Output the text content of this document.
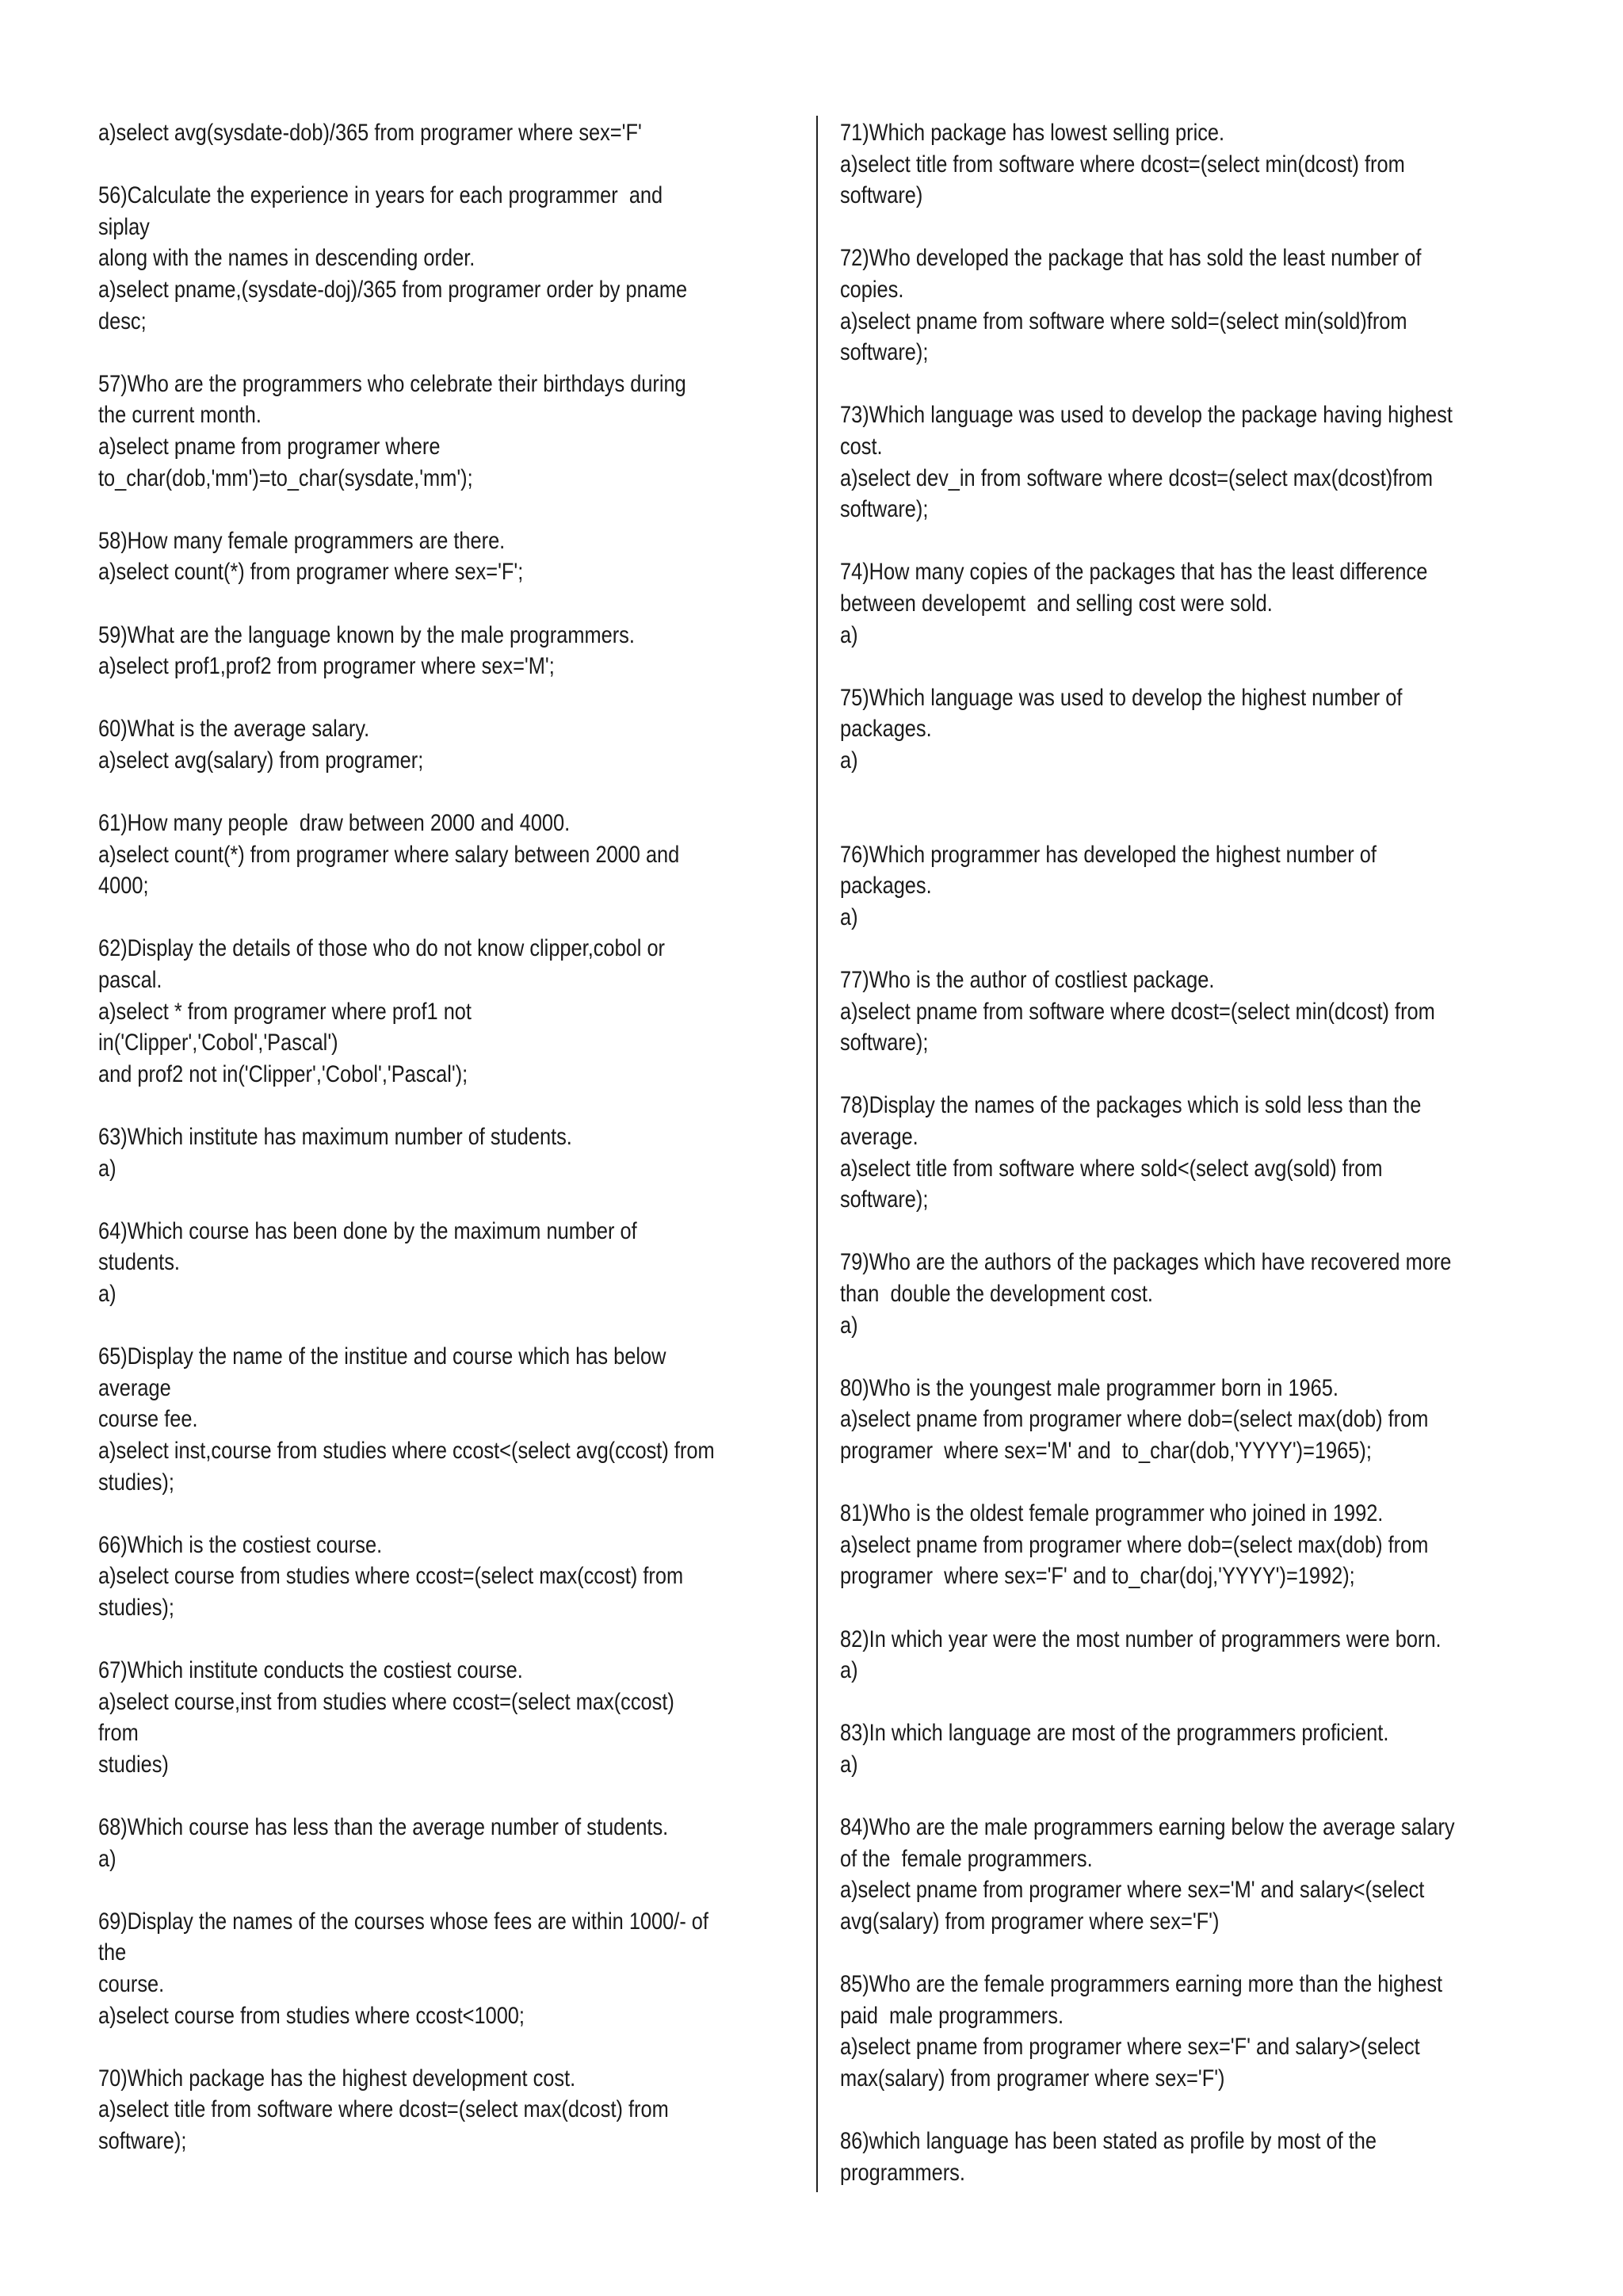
a)select avg(sysdate-dob)/365 from programer where sex='F'
56)Calculate the experience in years for each programmer  and
siplay
along with the names in descending order.
a)select pname,(sysdate-doj)/365 from programer order by pname
desc;
57)Who are the programmers who celebrate their birthdays during
the current month.
a)select pname from programer where
to_char(dob,'mm')=to_char(sysdate,'mm');
58)How many female programmers are there.
a)select count(*) from programer where sex='F';
59)What are the language known by the male programmers.
a)select prof1,prof2 from programer where sex='M';
60)What is the average salary.
a)select avg(salary) from programer;
61)How many people  draw between 2000 and 4000.
a)select count(*) from programer where salary between 2000 and
4000;
62)Display the details of those who do not know clipper,cobol or
pascal.
a)select * from programer where prof1 not
in('Clipper','Cobol','Pascal')
and prof2 not in('Clipper','Cobol','Pascal');
63)Which institute has maximum number of students.
a)
64)Which course has been done by the maximum number of
students.
a)
65)Display the name of the institue and course which has below
average
course fee.
a)select inst,course from studies where ccost<(select avg(ccost) from
studies);
66)Which is the costiest course.
a)select course from studies where ccost=(select max(ccost) from
studies);
67)Which institute conducts the costiest course.
a)select course,inst from studies where ccost=(select max(ccost)
from
studies)
68)Which course has less than the average number of students.
a)
69)Display the names of the courses whose fees are within 1000/- of
the
course.
a)select course from studies where ccost<1000;
70)Which package has the highest development cost.
a)select title from software where dcost=(select max(dcost) from
software);
71)Which package has lowest selling price.
a)select title from software where dcost=(select min(dcost) from
software)
72)Who developed the package that has sold the least number of
copies.
a)select pname from software where sold=(select min(sold)from
software);
73)Which language was used to develop the package having highest
cost.
a)select dev_in from software where dcost=(select max(dcost)from
software);
74)How many copies of the packages that has the least difference
between developemt  and selling cost were sold.
a)
75)Which language was used to develop the highest number of
packages.
a)
76)Which programmer has developed the highest number of
packages.
a)
77)Who is the author of costliest package.
a)select pname from software where dcost=(select min(dcost) from
software);
78)Display the names of the packages which is sold less than the
average.
a)select title from software where sold<(select avg(sold) from
software);
79)Who are the authors of the packages which have recovered more
than  double the development cost.
a)
80)Who is the youngest male programmer born in 1965.
a)select pname from programer where dob=(select max(dob) from
programer  where sex='M' and  to_char(dob,'YYYY')=1965);
81)Who is the oldest female programmer who joined in 1992.
a)select pname from programer where dob=(select max(dob) from
programer  where sex='F' and to_char(doj,'YYYY')=1992);
82)In which year were the most number of programmers were born.
a)
83)In which language are most of the programmers proficient.
a)
84)Who are the male programmers earning below the average salary
of the  female programmers.
a)select pname from programer where sex='M' and salary<(select
avg(salary) from programer where sex='F')
85)Who are the female programmers earning more than the highest
paid  male programmers.
a)select pname from programer where sex='F' and salary>(select
max(salary) from programer where sex='F')
86)which language has been stated as profile by most of the
programmers.
